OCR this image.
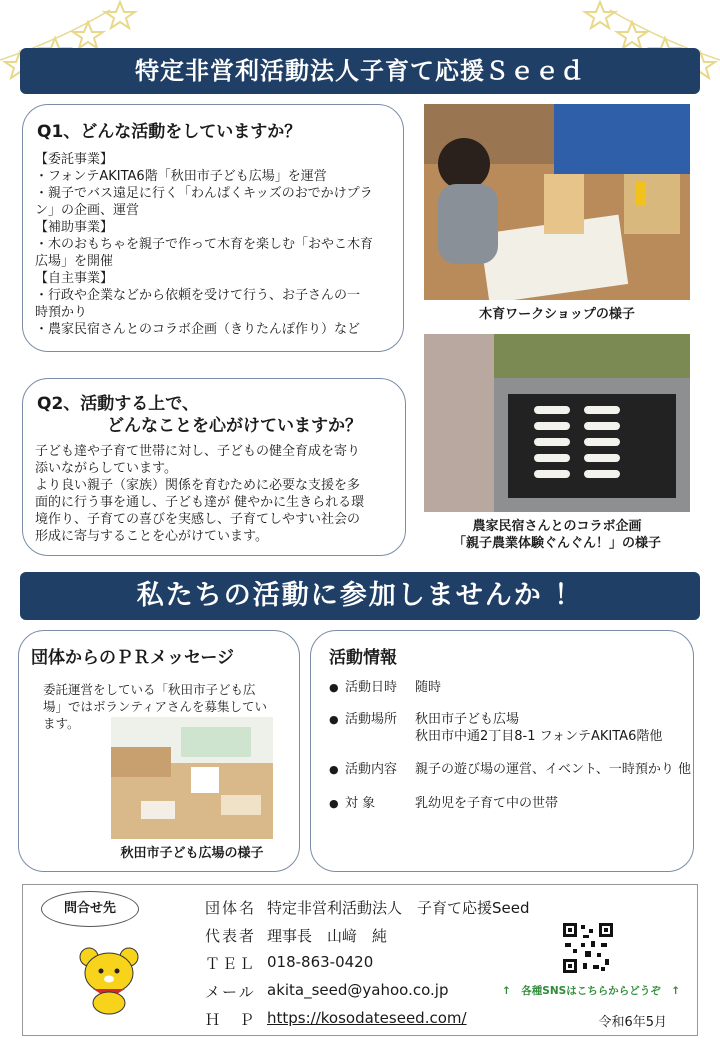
特定非営利活動法人子育て応援Ｓｅｅｄ
Q1、どんな活動をしていますか？
【委託事業】
・フォンテAKITA6階「秋田市子ども広場」を運営
・親子でバス遠足に行く「わんぱくキッズのおでかけプラ
ン」の企画、運営
【補助事業】
・木のおもちゃを親子で作って木育を楽しむ「おやこ木育
広場」を開催
【自主事業】
・行政や企業などから依頼を受けて行う、お子さんの一
時預かり
・農家民宿さんとのコラボ企画（きりたんぽ作り）など
木育ワークショップの様子
Q2、活動する上で、
どんなことを心がけていますか？
子ども達や子育て世帯に対し、子どもの健全育成を寄り
添いながらしています。
より良い親子（家族）関係を育むために必要な支援を多
面的に行う事を通し、子ども達が 健やかに生きられる環
境作り、子育ての喜びを実感し、子育てしやすい社会の
形成に寄与することを心がけています。
農家民宿さんとのコラボ企画
「親子農業体験ぐんぐん！」の様子
私たちの活動に参加しませんか ！
団体からのＰＲメッセージ
委託運営をしている「秋田市子ども広
場」ではボランティアさんを募集してい
ます。
秋田市子ども広場の様子
活動情報
● 活動日時	随時
● 活動場所	秋田市子ども広場
秋田市中通2丁目8-1 フォンテAKITA6階他
● 活動内容	親子の遊び場の運営、イベント、一時預かり 他
● 対 象	乳幼児を子育て中の世帯
問合せ先	団体名 特定非営利活動法人　子育て応援Seed
代表者 理事長　山﨑　純
ＴＥＬ 018-863-0420
メール akita_seed@yahoo.co.jp
Ｈ　Ｐ https://kosodateseed.com/
↑　各種SNSはこちらからどうぞ　↑
令和6年5月
